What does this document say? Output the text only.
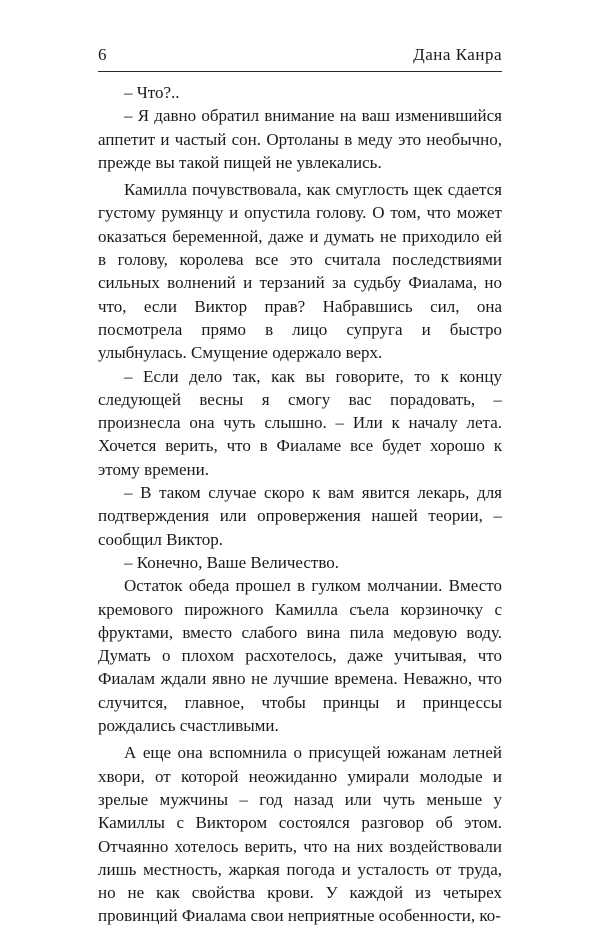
6	Дана Канра

– Что?..

– Я давно обратил внимание на ваш изменившийся аппетит и частый сон. Ортоланы в меду это необычно, прежде вы такой пищей не увлекались.

Камилла почувствовала, как смуглость щек сдается густому румянцу и опустила голову. О том, что может оказаться беременной, даже и думать не приходило ей в голову, королева все это считала последствиями сильных волнений и терзаний за судьбу Фиалама, но что, если Виктор прав? Набравшись сил, она посмотрела прямо в лицо супруга и быстро улыбнулась. Смущение одержало верх.

– Если дело так, как вы говорите, то к концу следующей весны я смогу вас порадовать, – произнесла она чуть слышно. – Или к началу лета. Хочется верить, что в Фиаламе все будет хорошо к этому времени.

– В таком случае скоро к вам явится лекарь, для подтверждения или опровержения нашей теории, – сообщил Виктор.

– Конечно, Ваше Величество.

Остаток обеда прошел в гулком молчании. Вместо кремового пирожного Камилла съела корзиночку с фруктами, вместо слабого вина пила медовую воду. Думать о плохом расхотелось, даже учитывая, что Фиалам ждали явно не лучшие времена. Неважно, что случится, главное, чтобы принцы и принцессы рождались счастливыми.

А еще она вспомнила о присущей южанам летней хвори, от которой неожиданно умирали молодые и зрелые мужчины – год назад или чуть меньше у Камиллы с Виктором состоялся разговор об этом. Отчаянно хотелось верить, что на них воздействовали лишь местность, жаркая погода и усталость от труда, но не как свойства крови. У каждой из четырех провинций Фиалама свои неприятные особенности, ко-
